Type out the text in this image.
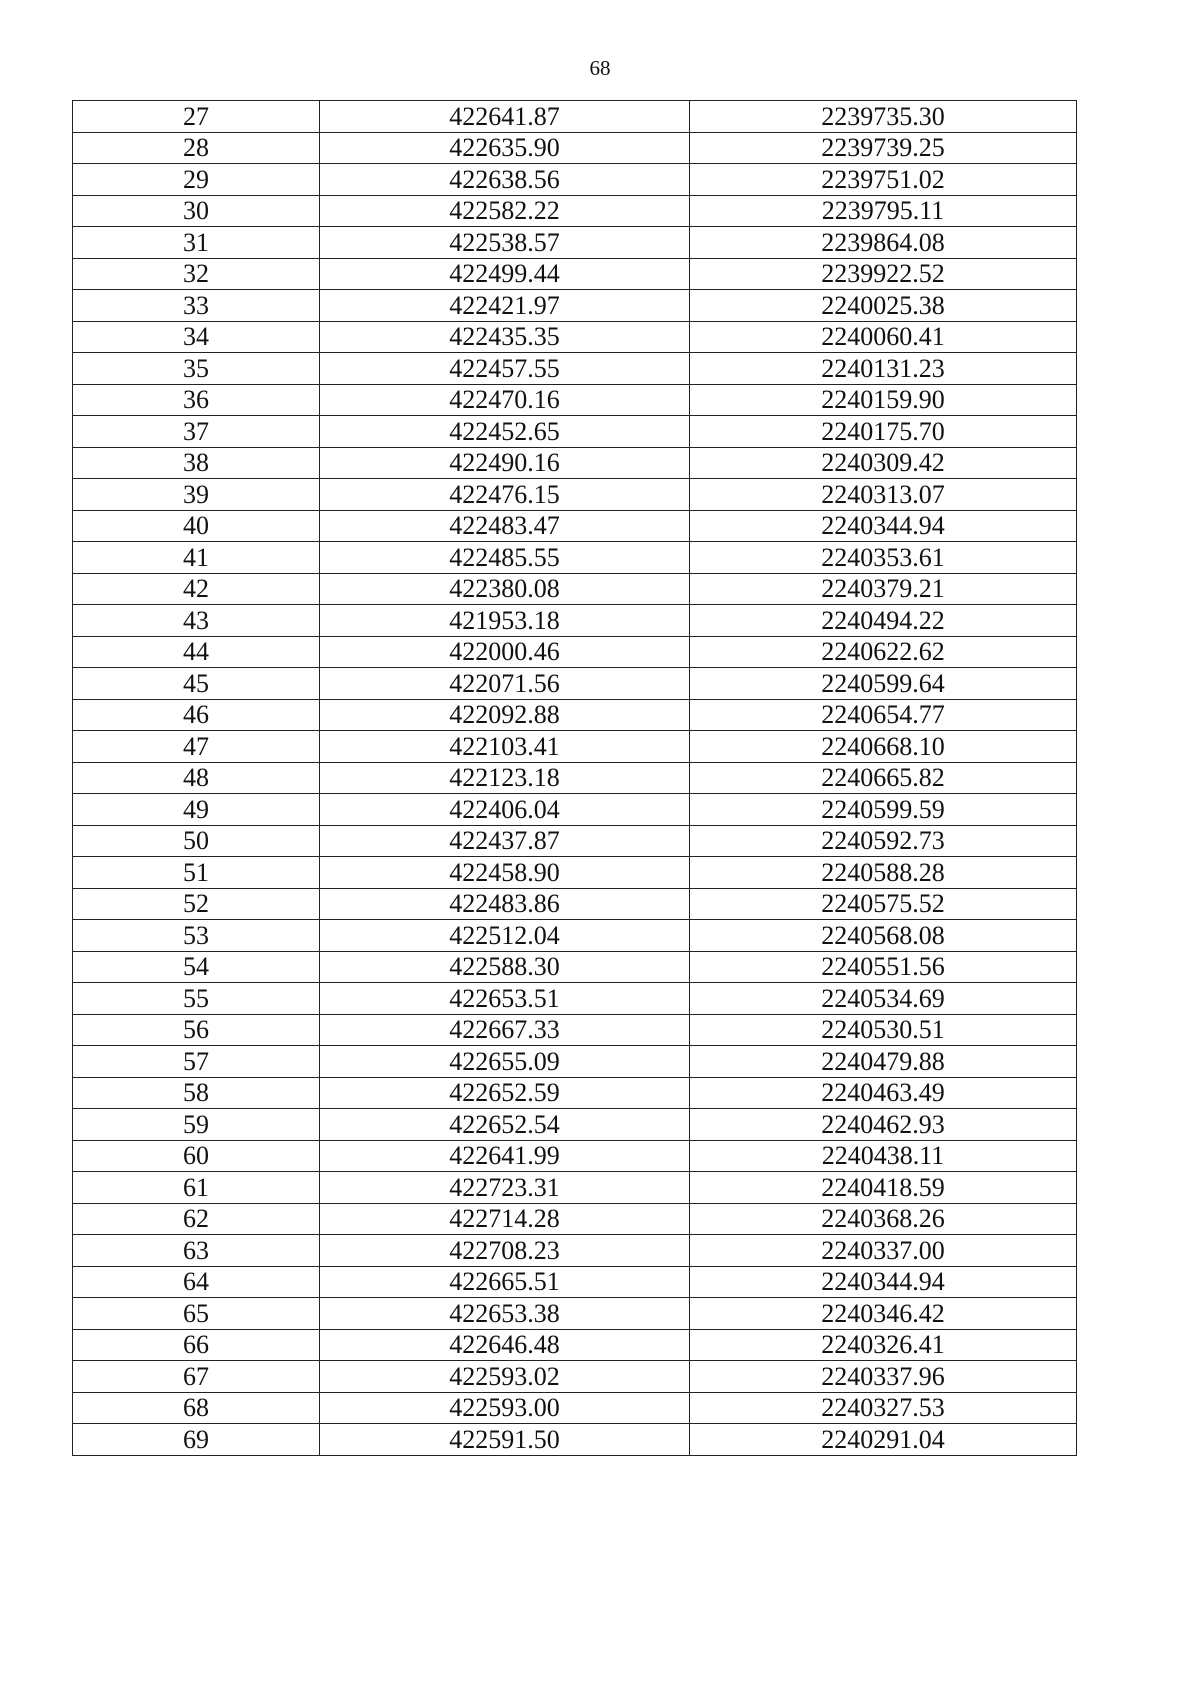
68
27	422641.87	2239735.30
28	422635.90	2239739.25
29	422638.56	2239751.02
30	422582.22	2239795.11
31	422538.57	2239864.08
32	422499.44	2239922.52
33	422421.97	2240025.38
34	422435.35	2240060.41
35	422457.55	2240131.23
36	422470.16	2240159.90
37	422452.65	2240175.70
38	422490.16	2240309.42
39	422476.15	2240313.07
40	422483.47	2240344.94
41	422485.55	2240353.61
42	422380.08	2240379.21
43	421953.18	2240494.22
44	422000.46	2240622.62
45	422071.56	2240599.64
46	422092.88	2240654.77
47	422103.41	2240668.10
48	422123.18	2240665.82
49	422406.04	2240599.59
50	422437.87	2240592.73
51	422458.90	2240588.28
52	422483.86	2240575.52
53	422512.04	2240568.08
54	422588.30	2240551.56
55	422653.51	2240534.69
56	422667.33	2240530.51
57	422655.09	2240479.88
58	422652.59	2240463.49
59	422652.54	2240462.93
60	422641.99	2240438.11
61	422723.31	2240418.59
62	422714.28	2240368.26
63	422708.23	2240337.00
64	422665.51	2240344.94
65	422653.38	2240346.42
66	422646.48	2240326.41
67	422593.02	2240337.96
68	422593.00	2240327.53
69	422591.50	2240291.04
